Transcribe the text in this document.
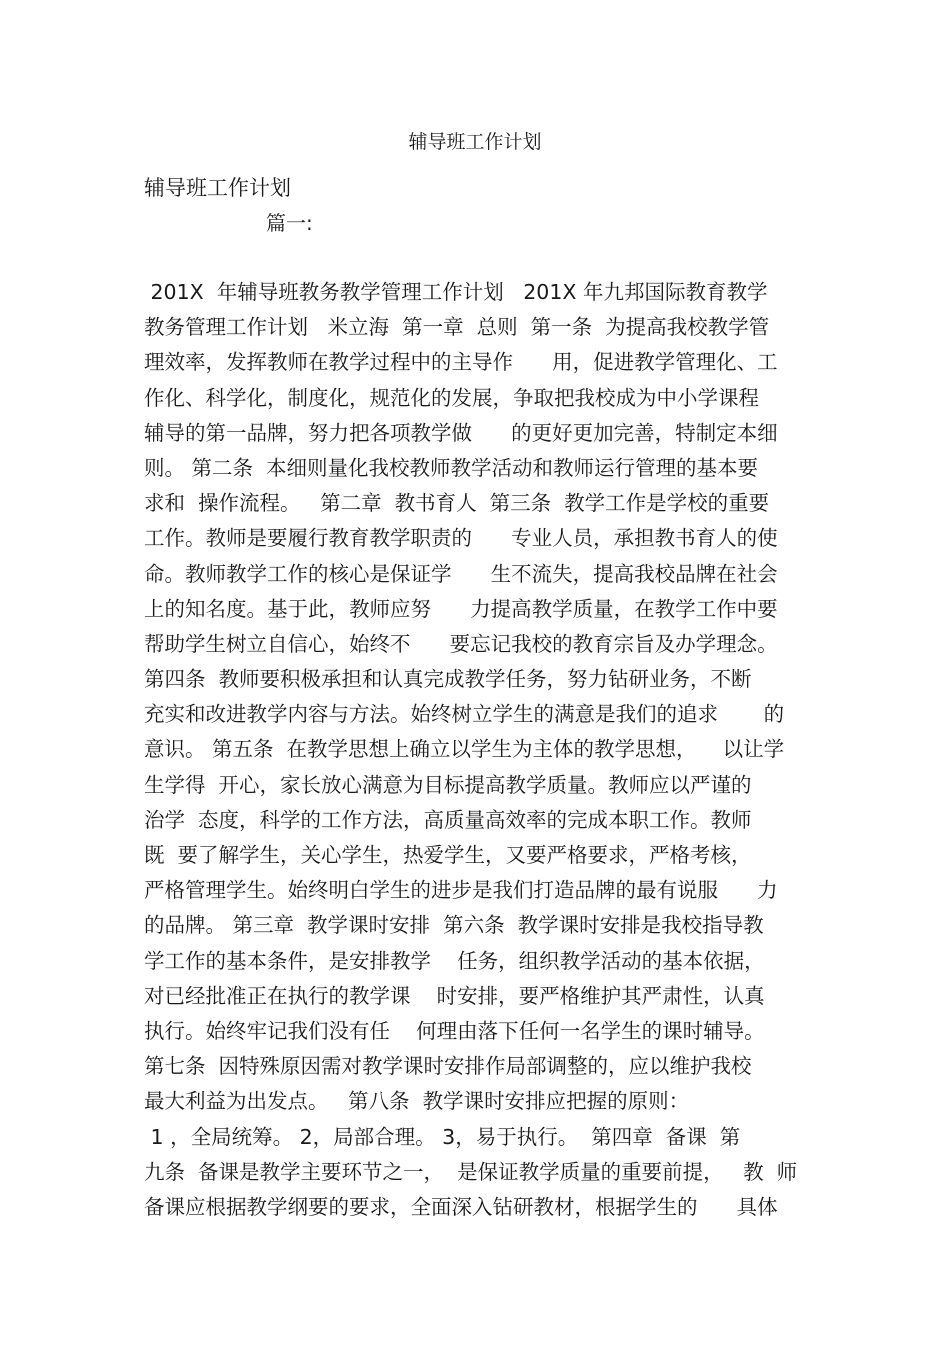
辅导班工作计划
辅导班工作计划
篇一:
201X  年辅导班教务教学管理工作计划   201X 年九邦国际教育教学
教务管理工作计划   米立海  第一章  总则  第一条  为提高我校教学管
理效率，发挥教师在教学过程中的主导作      用，促进教学管理化、工
作化、科学化，制度化，规范化的发展，争取把我校成为中小学课程
辅导的第一品牌，努力把各项教学做      的更好更加完善，特制定本细
则。 第二条  本细则量化我校教师教学活动和教师运行管理的基本要
求和  操作流程。   第二章  教书育人  第三条  教学工作是学校的重要
工作。教师是要履行教育教学职责的      专业人员，承担教书育人的使
命。教师教学工作的核心是保证学      生不流失，提高我校品牌在社会
上的知名度。基于此，教师应努      力提高教学质量，在教学工作中要
帮助学生树立自信心，始终不      要忘记我校的教育宗旨及办学理念。
第四条  教师要积极承担和认真完成教学任务，努力钻研业务，不断
充实和改进教学内容与方法。始终树立学生的满意是我们的追求       的
意识。 第五条  在教学思想上确立以学生为主体的教学思想，    以让学
生学得  开心，家长放心满意为目标提高教学质量。教师应以严谨的
治学  态度，科学的工作方法，高质量高效率的完成本职工作。教师
既  要了解学生，关心学生，热爱学生，又要严格要求，严格考核，
严格管理学生。始终明白学生的进步是我们打造品牌的最有说服      力
的品牌。 第三章  教学课时安排  第六条  教学课时安排是我校指导教
学工作的基本条件，是安排教学    任务，组织教学活动的基本依据，
对已经批准正在执行的教学课    时安排，要严格维护其严肃性，认真
执行。始终牢记我们没有任    何理由落下任何一名学生的课时辅导。
第七条  因特殊原因需对教学课时安排作局部调整的，应以维护我校
最大利益为出发点。   第八条  教学课时安排应把握的原则：
1 ，全局统筹。 2，局部合理。 3，易于执行。  第四章  备课  第
九条  备课是教学主要环节之一，  是保证教学质量的重要前提，   教  师
备课应根据教学纲要的要求，全面深入钻研教材，根据学生的      具体
